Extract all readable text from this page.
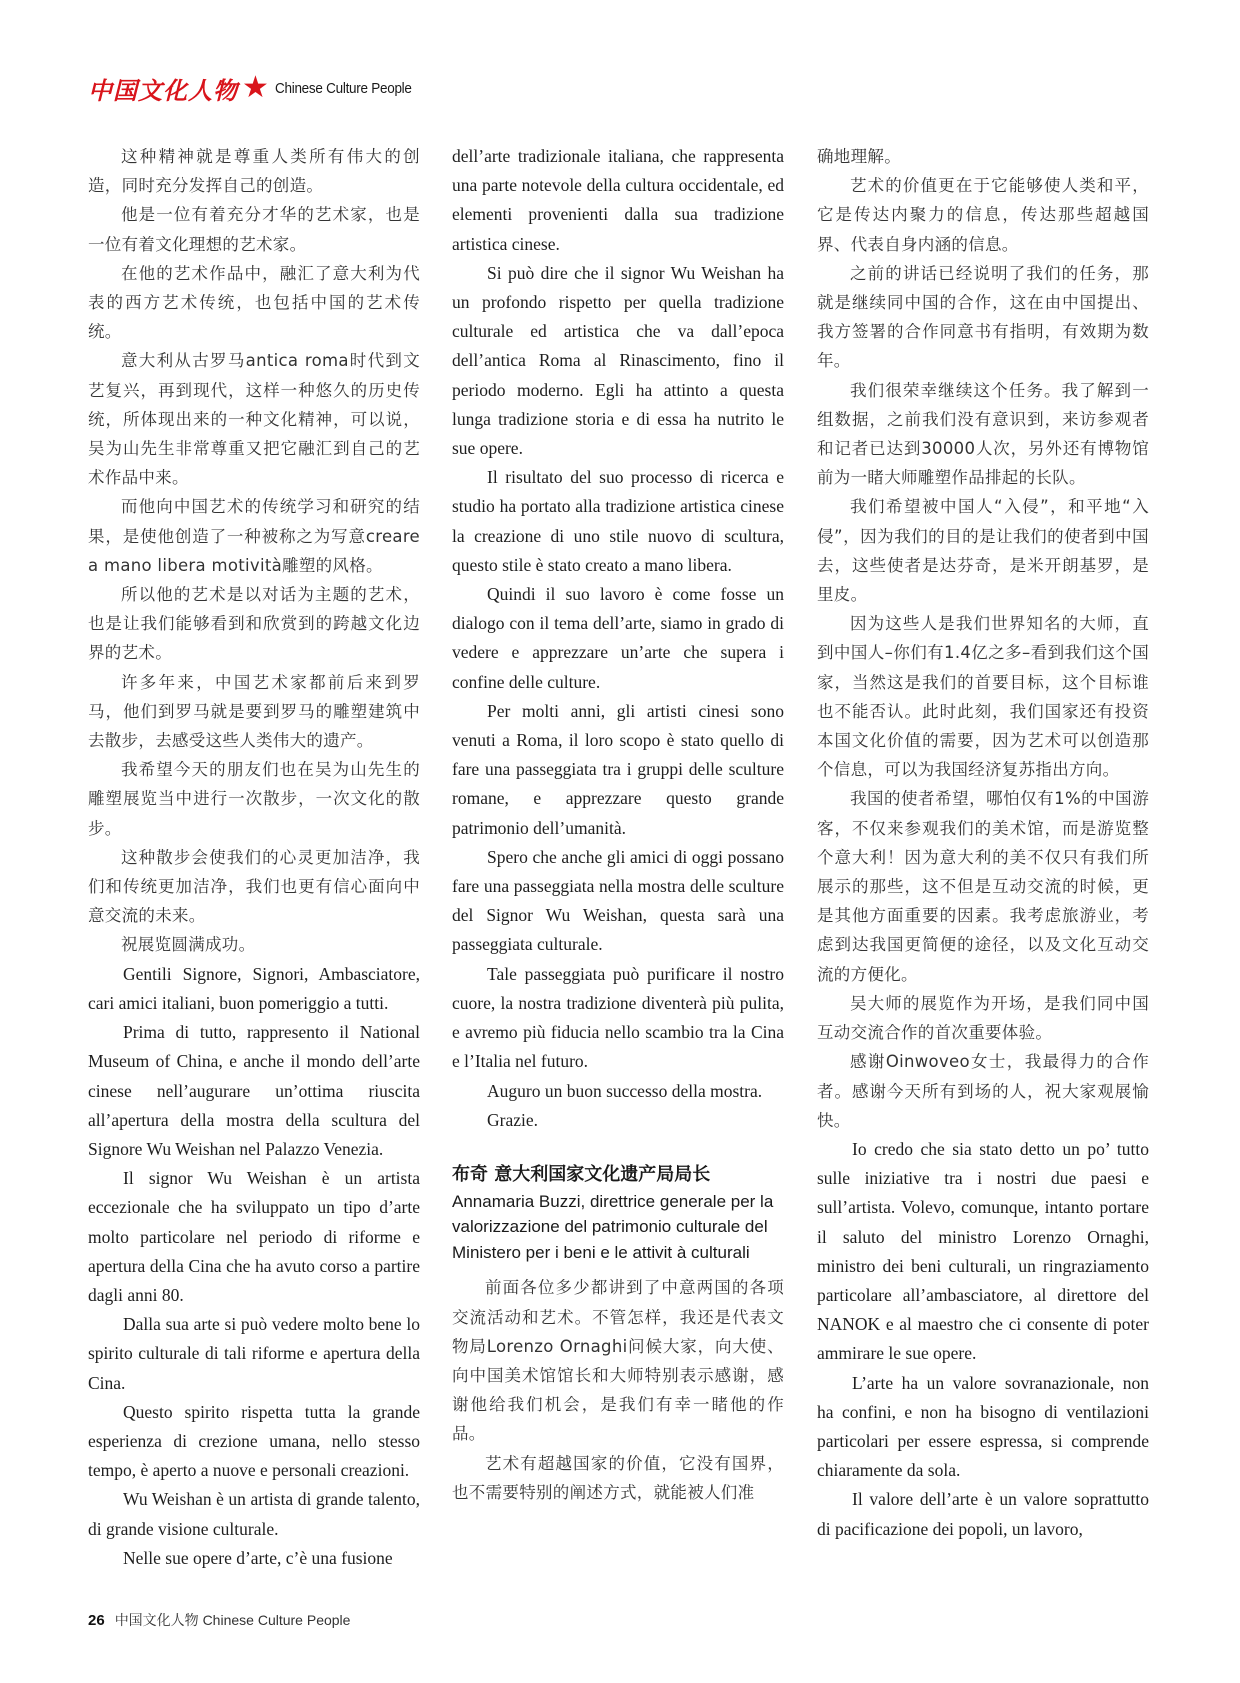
中国文化人物 ★ Chinese Culture People

这种精神就是尊重人类所有伟大的创造，同时充分发挥自己的创造。

他是一位有着充分才华的艺术家，也是一位有着文化理想的艺术家。

在他的艺术作品中，融汇了意大利为代表的西方艺术传统，也包括中国的艺术传统。

意大利从古罗马antica roma时代到文艺复兴，再到现代，这样一种悠久的历史传统，所体现出来的一种文化精神，可以说，吴为山先生非常尊重又把它融汇到自己的艺术作品中来。

而他向中国艺术的传统学习和研究的结果，是使他创造了一种被称之为写意creare a mano libera motività雕塑的风格。

所以他的艺术是以对话为主题的艺术，也是让我们能够看到和欣赏到的跨越文化边界的艺术。

许多年来，中国艺术家都前后来到罗马，他们到罗马就是要到罗马的雕塑建筑中去散步，去感受这些人类伟大的遗产。

我希望今天的朋友们也在吴为山先生的雕塑展览当中进行一次散步，一次文化的散步。

这种散步会使我们的心灵更加洁净，我们和传统更加洁净，我们也更有信心面向中意交流的未来。

祝展览圆满成功。

Gentili Signore, Signori, Ambasciatore, cari amici italiani, buon pomeriggio a tutti.

Prima di tutto, rappresento il National Museum of China, e anche il mondo dell’arte cinese nell’augurare un’ottima riuscita all’apertura della mostra della scultura del Signore Wu Weishan nel Palazzo Venezia.

Il signor Wu Weishan è un artista eccezionale che ha sviluppato un tipo d’arte molto particolare nel periodo di riforme e apertura della Cina che ha avuto corso a partire dagli anni 80.

Dalla sua arte si può vedere molto bene lo spirito culturale di tali riforme e apertura della Cina.

Questo spirito rispetta tutta la grande esperienza di crezione umana, nello stesso tempo, è aperto a nuove e personali creazioni.

Wu Weishan è un artista di grande talento, di grande visione culturale.

Nelle sue opere d’arte, c’è una fusione

dell’arte tradizionale italiana, che rappresenta una parte notevole della cultura occidentale, ed elementi provenienti dalla sua tradizione artistica cinese.

Si può dire che il signor Wu Weishan ha un profondo rispetto per quella tradizione culturale ed artistica che va dall’epoca dell’antica Roma al Rinascimento, fino il periodo moderno. Egli ha attinto a questa lunga tradizione storia e di essa ha nutrito le sue opere.

Il risultato del suo processo di ricerca e studio ha portato alla tradizione artistica cinese la creazione di uno stile nuovo di scultura, questo stile è stato creato a mano libera.

Quindi il suo lavoro è come fosse un dialogo con il tema dell’arte, siamo in grado di vedere e apprezzare un’arte che supera i confine delle culture.

Per molti anni, gli artisti cinesi sono venuti a Roma, il loro scopo è stato quello di fare una passeggiata tra i gruppi delle sculture romane, e apprezzare questo grande patrimonio dell’umanità.

Spero che anche gli amici di oggi possano fare una passeggiata nella mostra delle sculture del Signor Wu Weishan, questa sarà una passeggiata culturale.

Tale passeggiata può purificare il nostro cuore, la nostra tradizione diventerà più pulita, e avremo più fiducia nello scambio tra la Cina e l’Italia nel futuro.

Auguro un buon successo della mostra.

Grazie.

布奇 意大利国家文化遗产局局长
Annamaria Buzzi, direttrice generale per la valorizzazione del patrimonio culturale del Ministero per i beni e le attivit à culturali

前面各位多少都讲到了中意两国的各项交流活动和艺术。不管怎样，我还是代表文物局Lorenzo Ornaghi问候大家，向大使、向中国美术馆馆长和大师特别表示感谢，感谢他给我们机会，是我们有幸一睹他的作品。

艺术有超越国家的价值，它没有国界，也不需要特别的阐述方式，就能被人们准

确地理解。

艺术的价值更在于它能够使人类和平，它是传达内聚力的信息，传达那些超越国界、代表自身内涵的信息。

之前的讲话已经说明了我们的任务，那就是继续同中国的合作，这在由中国提出、我方签署的合作同意书有指明，有效期为数年。

我们很荣幸继续这个任务。我了解到一组数据，之前我们没有意识到，来访参观者和记者已达到30000人次，另外还有博物馆前为一睹大师雕塑作品排起的长队。

我们希望被中国人“入侵”，和平地“入侵”，因为我们的目的是让我们的使者到中国去，这些使者是达芬奇，是米开朗基罗，是里皮。

因为这些人是我们世界知名的大师，直到中国人–你们有1.4亿之多–看到我们这个国家，当然这是我们的首要目标，这个目标谁也不能否认。此时此刻，我们国家还有投资本国文化价值的需要，因为艺术可以创造那个信息，可以为我国经济复苏指出方向。

我国的使者希望，哪怕仅有1%的中国游客，不仅来参观我们的美术馆，而是游览整个意大利！因为意大利的美不仅只有我们所展示的那些，这不但是互动交流的时候，更是其他方面重要的因素。我考虑旅游业，考虑到达我国更简便的途径，以及文化互动交流的方便化。

吴大师的展览作为开场，是我们同中国互动交流合作的首次重要体验。

感谢Oinwoveo女士，我最得力的合作者。感谢今天所有到场的人，祝大家观展愉快。

Io credo che sia stato detto un po’ tutto sulle iniziative tra i nostri due paesi e sull’artista. Volevo, comunque, intanto portare il saluto del ministro Lorenzo Ornaghi, ministro dei beni culturali, un ringraziamento particolare all’ambasciatore, al direttore del NANOK e al maestro che ci consente di poter ammirare le sue opere.

L’arte ha un valore sovranazionale, non ha confini, e non ha bisogno di ventilazioni particolari per essere espressa, si comprende chiaramente da sola.

Il valore dell’arte è un valore soprattutto di pacificazione dei popoli, un lavoro,

26 中国文化人物 Chinese Culture People
